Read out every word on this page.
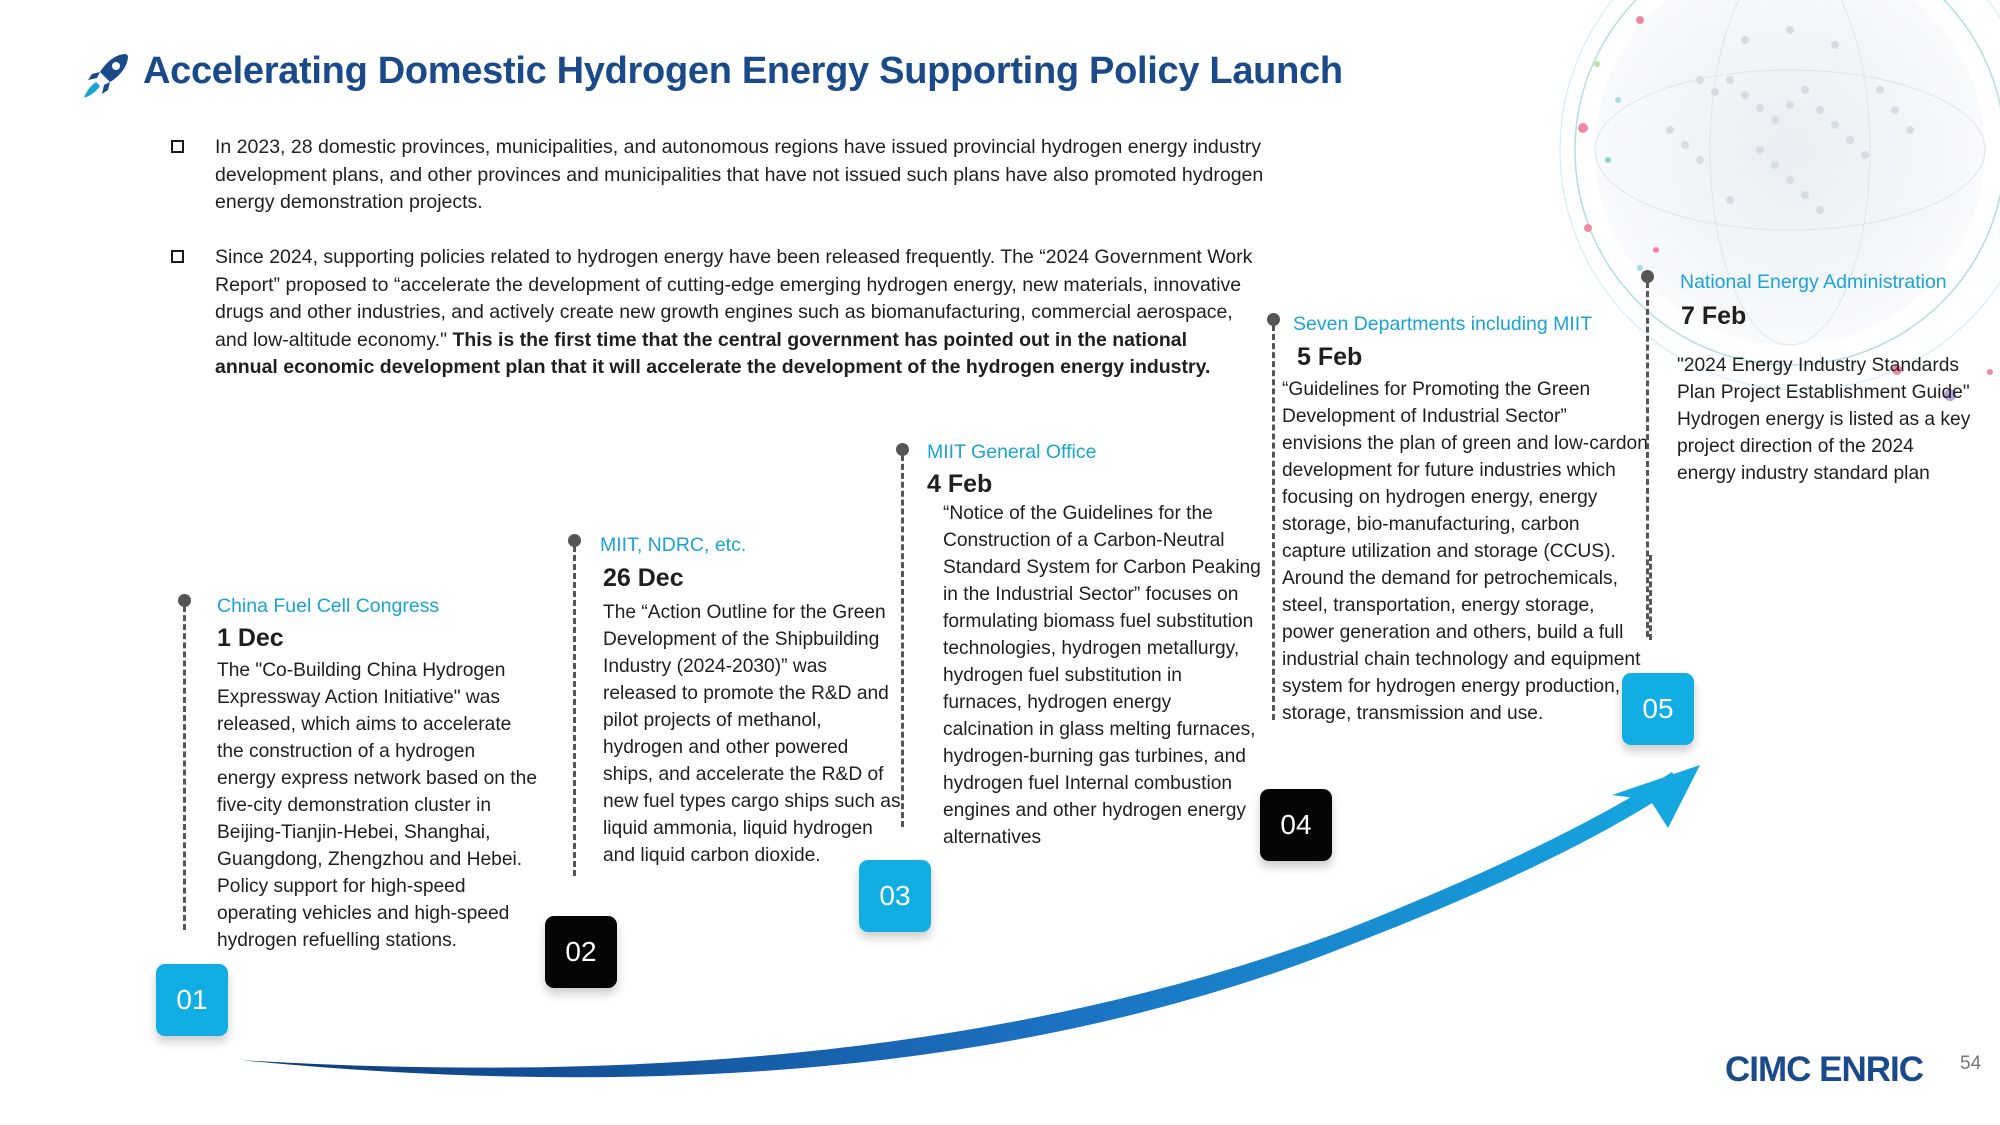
Accelerating Domestic Hydrogen Energy Supporting Policy Launch
In 2023, 28 domestic provinces, municipalities, and autonomous regions have issued provincial hydrogen energy industry development plans, and other provinces and municipalities that have not issued such plans have also promoted hydrogen energy demonstration projects.
Since 2024, supporting policies related to hydrogen energy have been released frequently. The “2024 Government Work Report” proposed to “accelerate the development of cutting-edge emerging hydrogen energy, new materials, innovative drugs and other industries, and actively create new growth engines such as biomanufacturing, commercial aerospace, and low-altitude economy." This is the first time that the central government has pointed out in the national annual economic development plan that it will accelerate the development of the hydrogen energy industry.
China Fuel Cell Congress
1 Dec
The "Co-Building China Hydrogen Expressway Action Initiative" was released, which aims to accelerate the construction of a hydrogen energy express network based on the five-city demonstration cluster in Beijing-Tianjin-Hebei, Shanghai, Guangdong, Zhengzhou and Hebei. Policy support for high-speed operating vehicles and high-speed hydrogen refuelling stations.
01
MIIT, NDRC, etc.
26 Dec
The “Action Outline for the Green Development of the Shipbuilding Industry (2024-2030)” was released to promote the R&D and pilot projects of methanol, hydrogen and other powered ships, and accelerate the R&D of new fuel types cargo ships such as liquid ammonia, liquid hydrogen and liquid carbon dioxide.
02
MIIT General Office
4 Feb
“Notice of the Guidelines for the Construction of a Carbon-Neutral Standard System for Carbon Peaking in the Industrial Sector” focuses on formulating biomass fuel substitution technologies, hydrogen metallurgy, hydrogen fuel substitution in furnaces, hydrogen energy calcination in glass melting furnaces, hydrogen-burning gas turbines, and hydrogen fuel Internal combustion engines and other hydrogen energy alternatives
03
Seven Departments including MIIT
5 Feb
“Guidelines for Promoting the Green Development of Industrial Sector” envisions the plan of green and low-cardon development for future industries which focusing on hydrogen energy, energy storage, bio-manufacturing, carbon capture utilization and storage (CCUS). Around the demand for petrochemicals, steel, transportation, energy storage, power generation and others, build a full industrial chain technology and equipment system for hydrogen energy production, storage, transmission and use.
04
National Energy Administration
7 Feb
"2024 Energy Industry Standards Plan Project Establishment Guide" Hydrogen energy is listed as a key project direction of the 2024 energy industry standard plan
05
CIMC ENRIC 54
